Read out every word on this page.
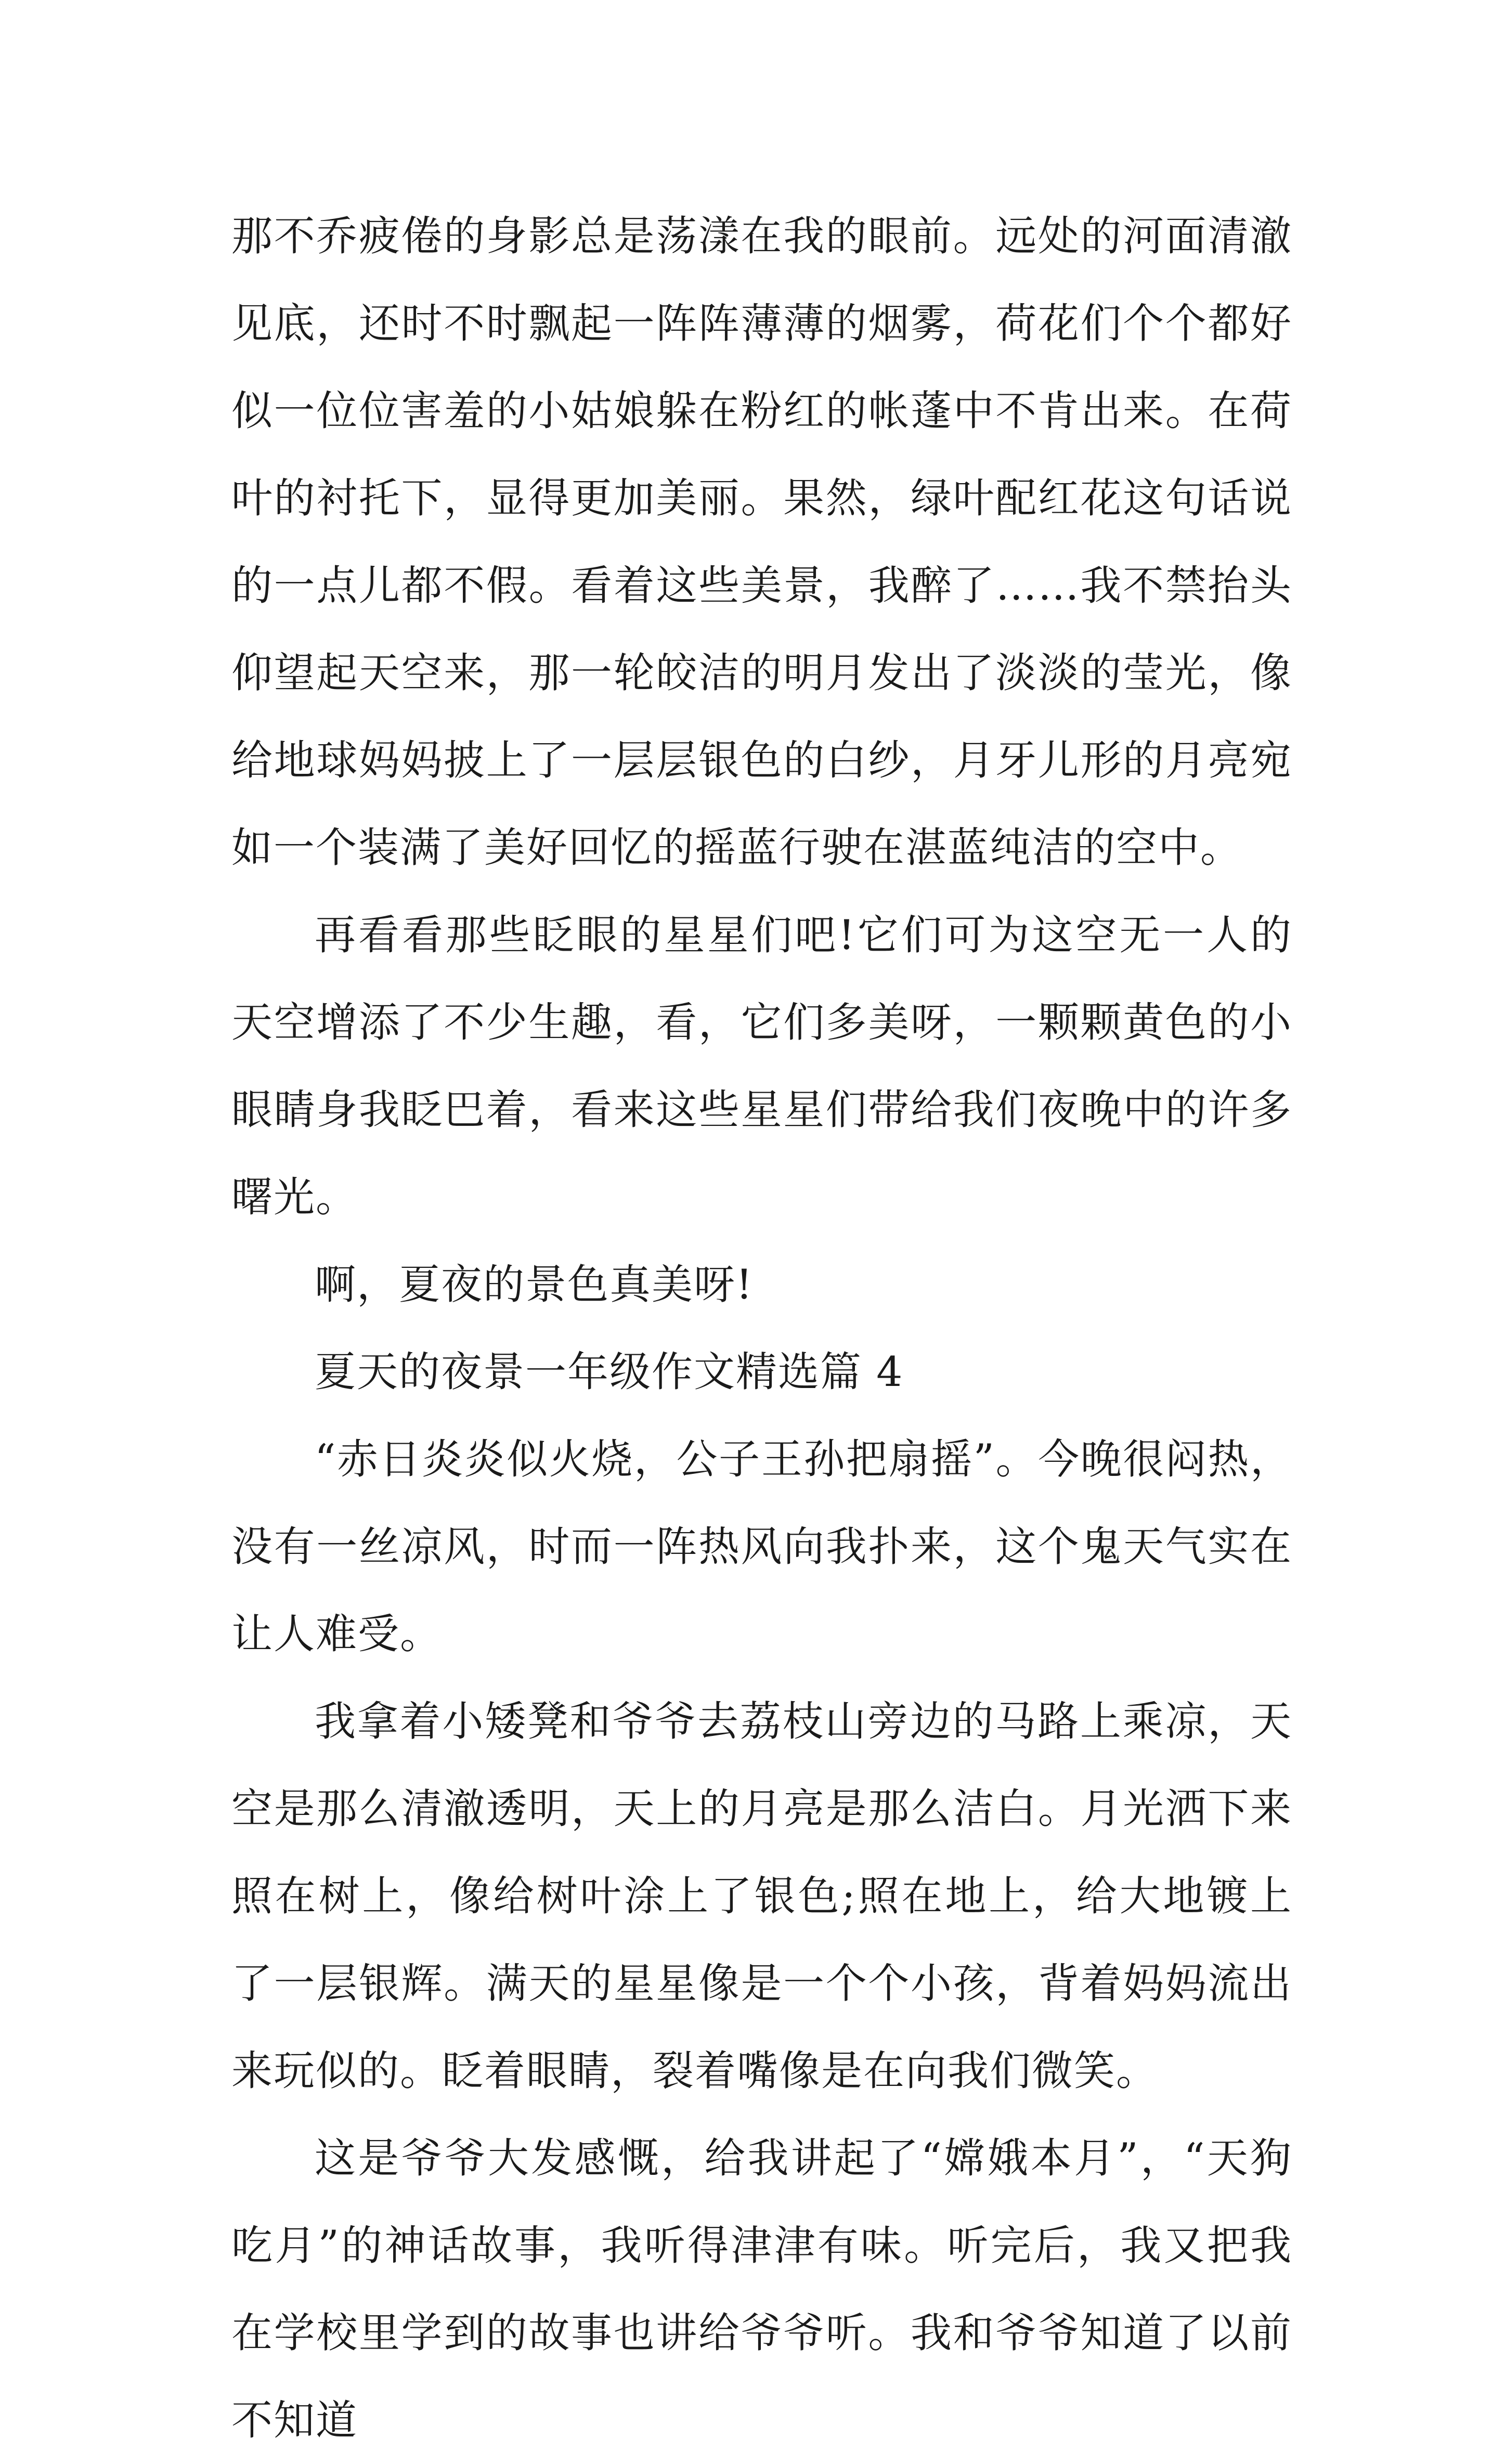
那不乔疲倦的身影总是荡漾在我的眼前。远处的河面清澈见底，还时不时飘起一阵阵薄薄的烟雾，荷花们个个都好似一位位害羞的小姑娘躲在粉红的帐蓬中不肯出来。在荷叶的衬托下，显得更加美丽。果然，绿叶配红花这句话说的一点儿都不假。看着这些美景，我醉了……我不禁抬头仰望起天空来，那一轮皎洁的明月发出了淡淡的莹光，像给地球妈妈披上了一层层银色的白纱，月牙儿形的月亮宛如一个装满了美好回忆的摇蓝行驶在湛蓝纯洁的空中。

再看看那些眨眼的星星们吧!它们可为这空无一人的天空增添了不少生趣，看，它们多美呀，一颗颗黄色的小眼睛身我眨巴着，看来这些星星们带给我们夜晚中的许多曙光。

啊，夏夜的景色真美呀!

夏天的夜景一年级作文精选篇 4

“赤日炎炎似火烧，公子王孙把扇摇”。今晚很闷热，没有一丝凉风，时而一阵热风向我扑来，这个鬼天气实在让人难受。

我拿着小矮凳和爷爷去荔枝山旁边的马路上乘凉，天空是那么清澈透明，天上的月亮是那么洁白。月光洒下来照在树上，像给树叶涂上了银色;照在地上，给大地镀上了一层银辉。满天的星星像是一个个小孩，背着妈妈流出来玩似的。眨着眼睛，裂着嘴像是在向我们微笑。

这是爷爷大发感慨，给我讲起了“嫦娥本月”，“天狗吃月”的神话故事，我听得津津有味。听完后，我又把我在学校里学到的故事也讲给爷爷听。我和爷爷知道了以前不知道
